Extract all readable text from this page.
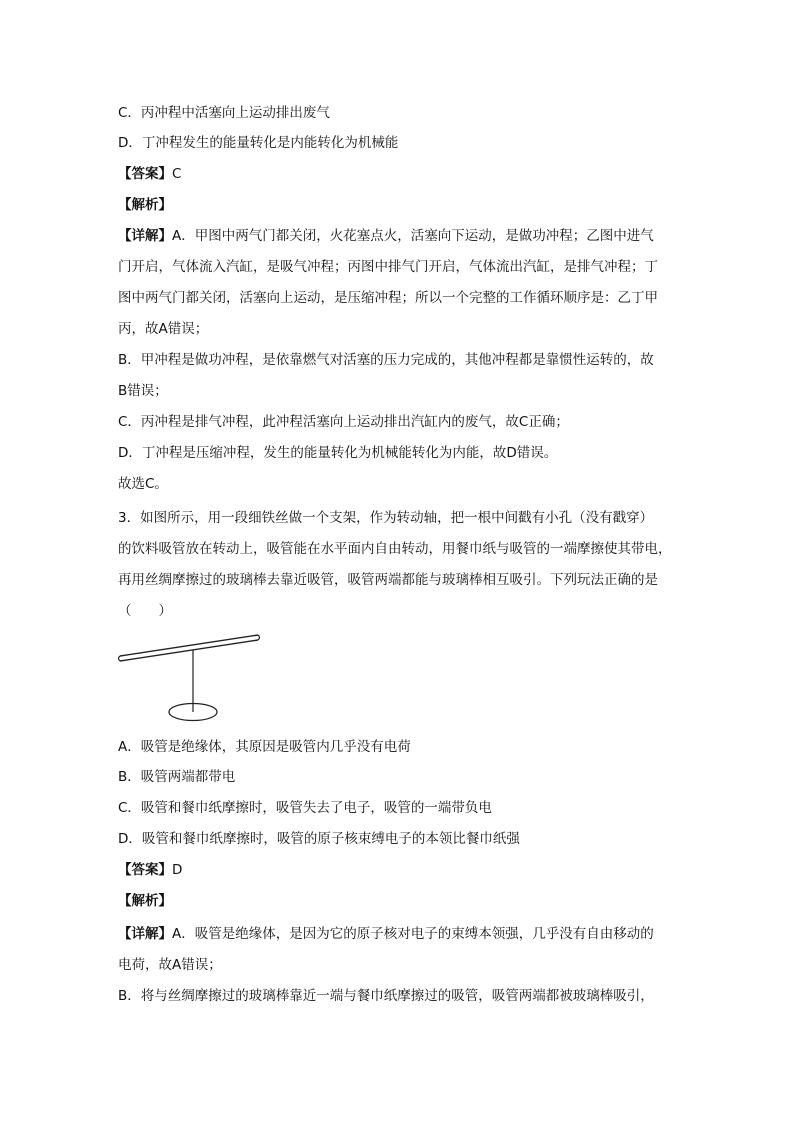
C．丙冲程中活塞向上运动排出废气
D．丁冲程发生的能量转化是内能转化为机械能
【答案】C
【解析】
【详解】A．甲图中两气门都关闭，火花塞点火，活塞向下运动，是做功冲程；乙图中进气
门开启，气体流入汽缸，是吸气冲程；丙图中排气门开启，气体流出汽缸，是排气冲程；丁
图中两气门都关闭，活塞向上运动，是压缩冲程；所以一个完整的工作循环顺序是：乙丁甲
丙，故A错误；
B．甲冲程是做功冲程，是依靠燃气对活塞的压力完成的，其他冲程都是靠惯性运转的，故
B错误；
C．丙冲程是排气冲程，此冲程活塞向上运动排出汽缸内的废气，故C正确；
D．丁冲程是压缩冲程，发生的能量转化为机械能转化为内能，故D错误。
故选C。
3．如图所示，用一段细铁丝做一个支架，作为转动轴，把一根中间戳有小孔（没有戳穿）
的饮料吸管放在转动上，吸管能在水平面内自由转动，用餐巾纸与吸管的一端摩擦使其带电，
再用丝绸摩擦过的玻璃棒去靠近吸管，吸管两端都能与玻璃棒相互吸引。下列玩法正确的是
（　　）
A．吸管是绝缘体，其原因是吸管内几乎没有电荷
B．吸管两端都带电
C．吸管和餐巾纸摩擦时，吸管失去了电子，吸管的一端带负电
D．吸管和餐巾纸摩擦时，吸管的原子核束缚电子的本领比餐巾纸强
【答案】D
【解析】
【详解】A．吸管是绝缘体，是因为它的原子核对电子的束缚本领强，几乎没有自由移动的
电荷，故A错误；
B．将与丝绸摩擦过的玻璃棒靠近一端与餐巾纸摩擦过的吸管，吸管两端都被玻璃棒吸引，
